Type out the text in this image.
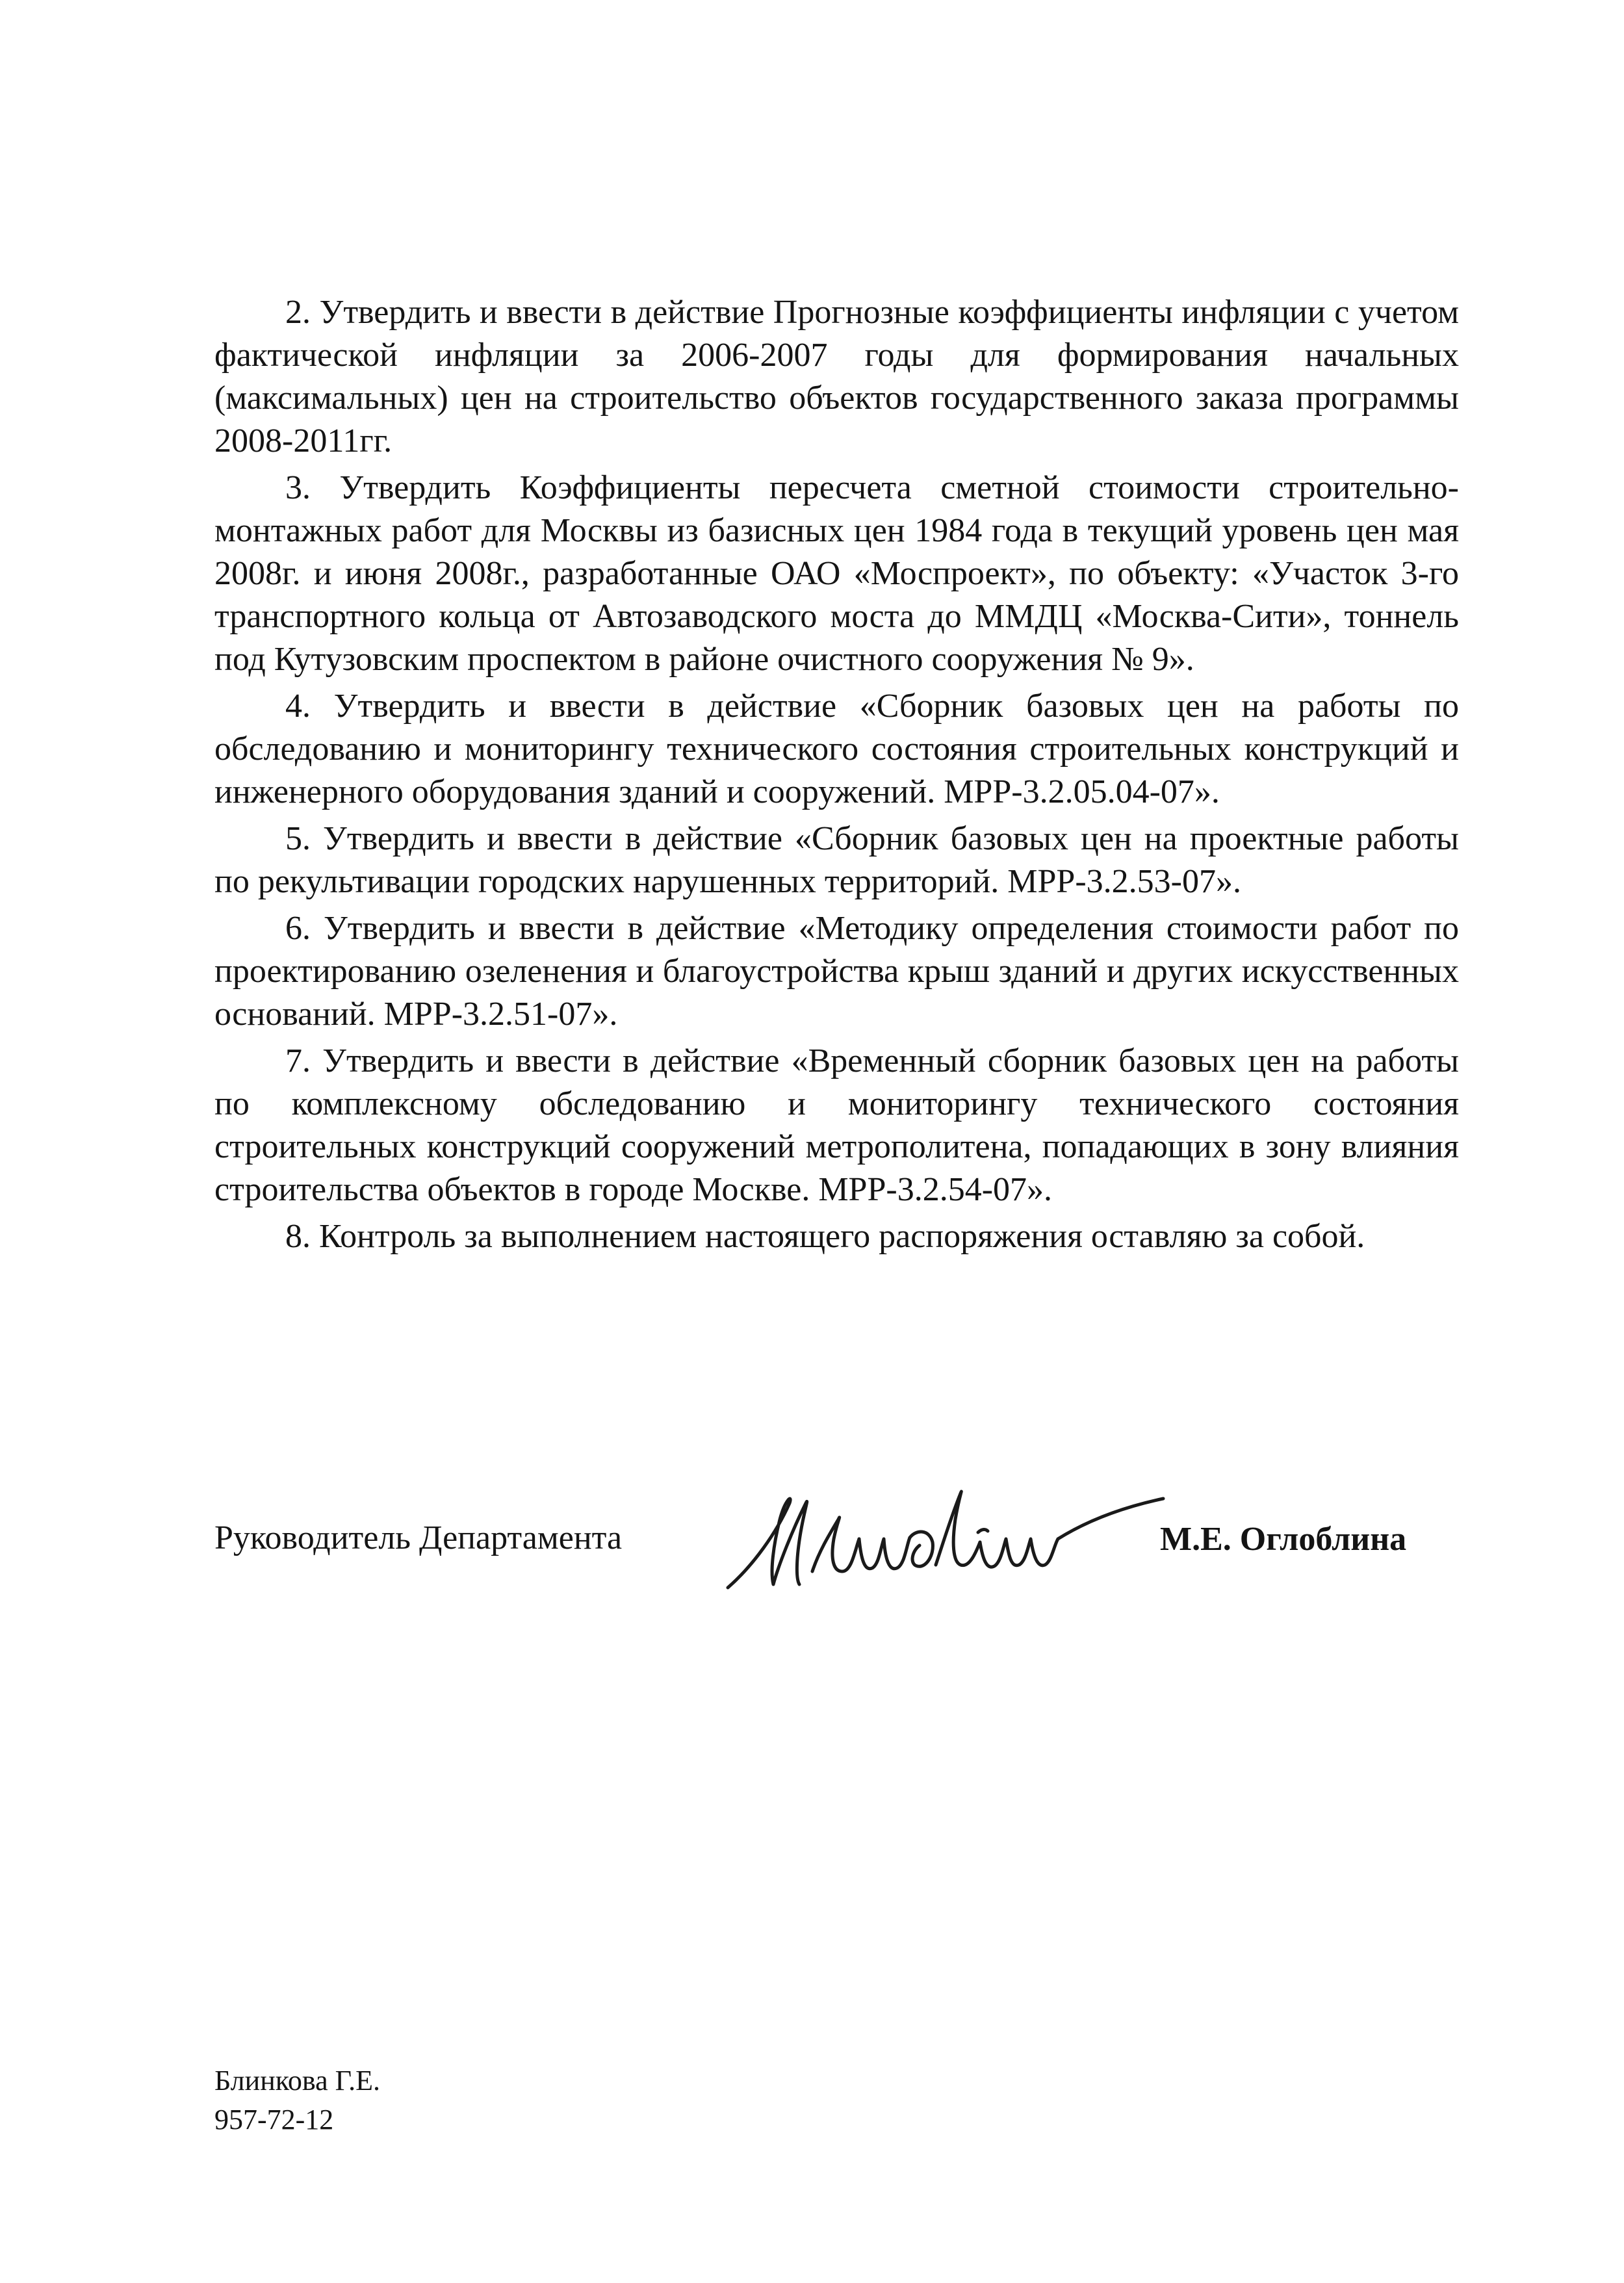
2. Утвердить и ввести в действие Прогнозные коэффициенты инфляции с учетом фактической инфляции за 2006-2007 годы для формирования начальных (максимальных) цен на строительство объектов государственного заказа программы 2008-2011гг.

3. Утвердить Коэффициенты пересчета сметной стоимости строительно-монтажных работ для Москвы из базисных цен 1984 года в текущий уровень цен мая 2008г. и июня 2008г., разработанные ОАО «Моспроект», по объекту: «Участок 3-го транспортного кольца от Автозаводского моста до ММДЦ «Москва-Сити», тоннель под Кутузовским проспектом в районе очистного сооружения № 9».

4. Утвердить и ввести в действие «Сборник базовых цен на работы по обследованию и мониторингу технического состояния строительных конструкций и инженерного оборудования зданий и сооружений. МРР-3.2.05.04-07».

5. Утвердить и ввести в действие «Сборник базовых цен на проектные работы по рекультивации городских нарушенных территорий. МРР-3.2.53-07».

6. Утвердить и ввести в действие «Методику определения стоимости работ по проектированию озеленения и благоустройства крыш зданий и других искусственных оснований. МРР-3.2.51-07».

7. Утвердить и ввести в действие «Временный сборник базовых цен на работы по комплексному обследованию и мониторингу технического состояния строительных конструкций сооружений метрополитена, попадающих в зону влияния строительства объектов в городе Москве. МРР-3.2.54-07».

8. Контроль за выполнением настоящего распоряжения оставляю за собой.

Руководитель Департамента	М.Е. Оглоблина
Блинкова Г.Е.
957-72-12
